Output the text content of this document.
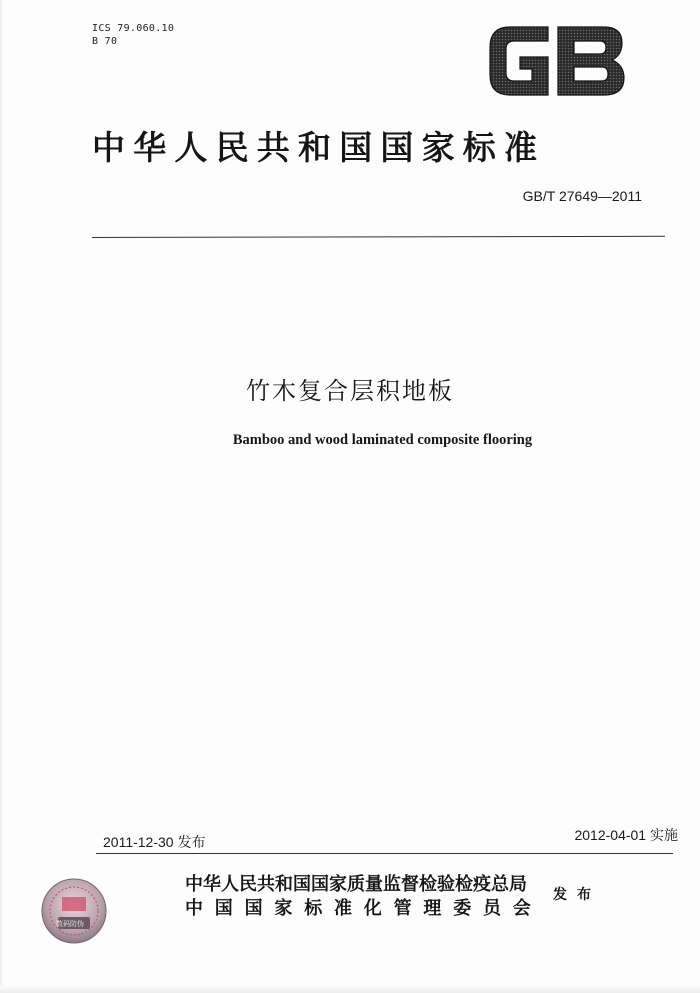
ICS 79.060.10
B 70
中华人民共和国国家标准
GB/T 27649—2011
竹木复合层积地板
Bamboo and wood laminated composite flooring
2011-12-30 发布	2012-04-01 实施
数码防伪
中华人民共和国国家质量监督检验检疫总局
中国国家标准化管理委员会
发布
